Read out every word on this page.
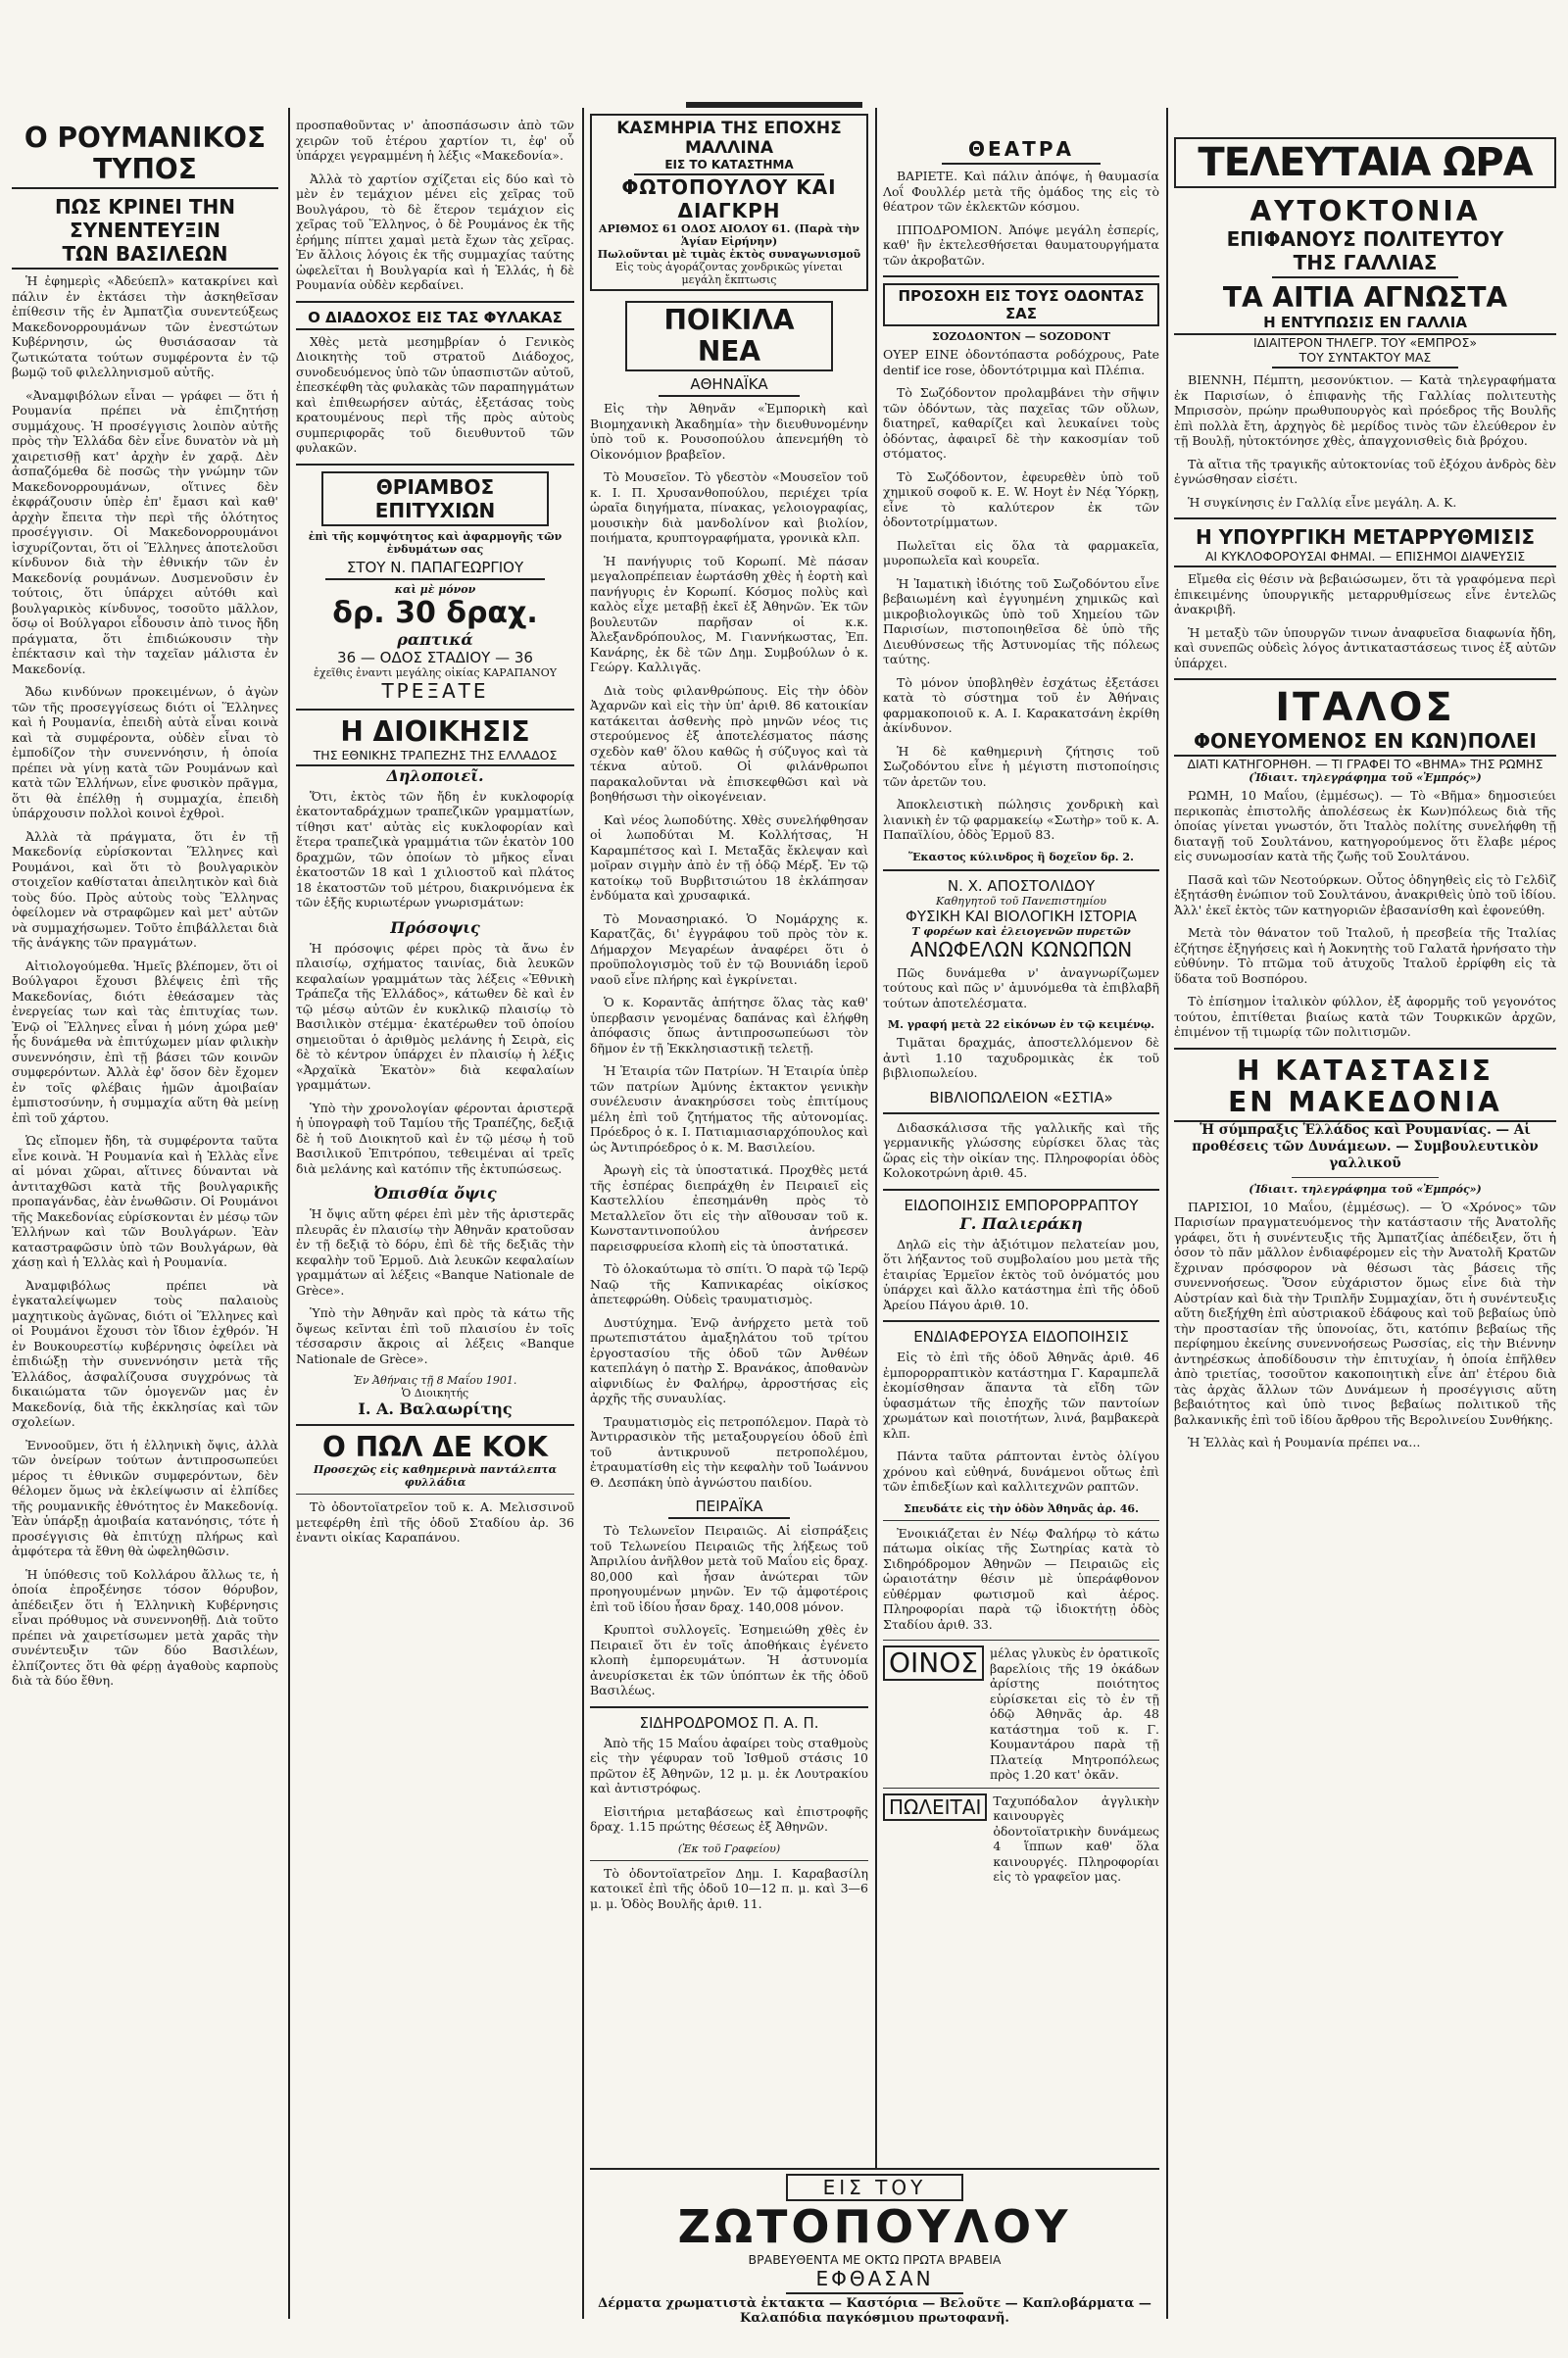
Ο ΡΟΥΜΑΝΙΚΟΣ ΤΥΠΟΣ
ΠΩΣ ΚΡΙΝΕΙ ΤΗΝ ΣΥΝΕΝΤΕΥΞΙΝ
ΤΩΝ ΒΑΣΙΛΕΩΝ

Ἡ ἐφημερὶς «Ἀδεύεπλ» κατακρίνει καὶ πάλιν ἐν ἐκτάσει τὴν ἀσκηθεῖσαν ἐπίθεσιν τῆς ἐν Ἀμπατζὶα συνεντεύξεως Μακεδονορρουμάνων τῶν ἐνεστώτων Κυβέρνησιν, ὡς θυσιάσασαν τὰ ζωτικώτατα τούτων συμφέροντα ἐν τῷ βωμῷ τοῦ φιλελληνισμοῦ αὐτῆς.

«Ἀναμφιβόλων εἶναι — γράφει — ὅτι ἡ Ρουμανία πρέπει νὰ ἐπιζητήσῃ συμμάχους. Ἡ προσέγγισις λοιπὸν αὐτῆς πρὸς τὴν Ἑλλάδα δὲν εἶνε δυνατὸν νὰ μὴ χαιρετισθῇ κατ' ἀρχὴν ἐν χαρᾷ. Δὲν ἀσπαζόμεθα δὲ ποσῶς τὴν γνώμην τῶν Μακεδονορρουμάνων, οἵτινες δὲν ἐκφράζουσιν ὑπὲρ ἐπ' ἔμασι καὶ καθ' ἀρχὴν ἔπειτα τὴν περὶ τῆς ὁλότητος προσέγγισιν. Οἱ Μακεδονορρουμάνοι ἰσχυρίζονται, ὅτι οἱ Ἕλληνες ἀποτελοῦσι κίνδυνον διὰ τὴν ἐθνικήν τῶν ἐν Μακεδονίᾳ ρουμάνων. Δυσμενοῦσιν ἐν τούτοις, ὅτι ὑπάρχει αὐτόθι καὶ βουλγαρικὸς κίνδυνος, τοσοῦτο μᾶλλον, ὅσῳ οἱ Βούλγαροι εἶδουσιν ἀπὸ τινος ἤδη πράγματα, ὅτι ἐπιδιώκουσιν τὴν ἐπέκτασιν καὶ τὴν ταχεῖαν μάλιστα ἐν Μακεδονίᾳ.

Ἄδω κινδύνων προκειμένων, ὁ ἀγὼν τῶν τῆς προσεγγίσεως διότι οἱ Ἕλληνες καὶ ἡ Ρουμανία, ἐπειδὴ αὐτὰ εἶναι κοινὰ καὶ τὰ συμφέροντα, οὐδὲν εἶναι τὸ ἐμποδίζον τὴν συνεννόησιν, ἡ ὁποία πρέπει νὰ γίνῃ κατὰ τῶν Ρουμάνων καὶ κατὰ τῶν Ἑλλήνων, εἶνε φυσικὸν πρᾶγμα, ὅτι θὰ ἐπέλθῃ ἡ συμμαχία, ἐπειδὴ ὑπάρχουσιν πολλοὶ κοινοὶ ἐχθροὶ.

Ἀλλὰ τὰ πράγματα, ὅτι ἐν τῇ Μακεδονίᾳ εὐρίσκονται Ἕλληνες καὶ Ρουμάνοι, καὶ ὅτι τὸ βουλγαρικὸν στοιχεῖον καθίσταται ἀπειλητικὸν καὶ διὰ τοὺς δύο. Πρὸς αὐτοὺς τοὺς Ἕλληνας ὀφείλομεν νὰ στραφῶμεν καὶ μετ' αὐτῶν νὰ συμμαχήσωμεν. Τοῦτο ἐπιβάλλεται διὰ τῆς ἀνάγκης τῶν πραγμάτων.

Αἰτιολογούμεθα. Ἡμεῖς βλέπομεν, ὅτι οἱ Βούλγαροι ἔχουσι βλέψεις ἐπὶ τῆς Μακεδονίας, διότι ἐθεάσαμεν τὰς ἐνεργείας των καὶ τὰς ἐπιτυχίας των. Ἐνῷ οἱ Ἕλληνες εἶναι ἡ μόνη χώρα μεθ' ἧς δυνάμεθα νὰ ἐπιτύχωμεν μίαν φιλικὴν συνεννόησιν, ἐπὶ τῇ βάσει τῶν κοινῶν συμφερόντων. Ἀλλὰ ἐφ' ὅσον δὲν ἔχομεν ἐν τοῖς φλέβαις ἡμῶν ἀμοιβαίαν ἐμπιστοσύνην, ἡ συμμαχία αὕτη θὰ μείνῃ ἐπὶ τοῦ χάρτου.

Ὡς εἴπομεν ἤδη, τὰ συμφέροντα ταῦτα εἶνε κοινὰ. Ἡ Ρουμανία καὶ ἡ Ἑλλὰς εἶνε αἱ μόναι χῶραι, αἵτινες δύνανται νὰ ἀντιταχθῶσι κατὰ τῆς βουλγαρικῆς προπαγάνδας, ἐὰν ἑνωθῶσιν. Οἱ Ρουμάνοι τῆς Μακεδονίας εὑρίσκονται ἐν μέσῳ τῶν Ἑλλήνων καὶ τῶν Βουλγάρων. Ἐὰν καταστραφῶσιν ὑπὸ τῶν Βουλγάρων, θὰ χάσῃ καὶ ἡ Ἑλλὰς καὶ ἡ Ρουμανία.

Ἀναμφιβόλως πρέπει νὰ ἐγκαταλείψωμεν τοὺς παλαιοὺς μαχητικοὺς ἀγῶνας, διότι οἱ Ἕλληνες καὶ οἱ Ρουμάνοι ἔχουσι τὸν ἴδιον ἐχθρόν. Ἡ ἐν Βουκουρεστίῳ κυβέρνησις ὀφείλει νὰ ἐπιδιώξῃ τὴν συνεννόησιν μετὰ τῆς Ἑλλάδος, ἀσφαλίζουσα συγχρόνως τὰ δικαιώματα τῶν ὁμογενῶν μας ἐν Μακεδονίᾳ, διὰ τῆς ἐκκλησίας καὶ τῶν σχολείων.

Ἐννοοῦμεν, ὅτι ἡ ἐλληνικὴ ὄψις, ἀλλὰ τῶν ὀνείρων τούτων ἀντιπροσωπεύει μέρος τι ἐθνικῶν συμφερόντων, δὲν θέλομεν ὅμως νὰ ἐκλείψωσιν αἱ ἐλπίδες τῆς ρουμανικῆς ἐθνότητος ἐν Μακεδονίᾳ. Ἐὰν ὑπάρξῃ ἀμοιβαία κατανόησις, τότε ἡ προσέγγισις θὰ ἐπιτύχῃ πλήρως καὶ ἀμφότερα τὰ ἔθνη θὰ ὠφεληθῶσιν.

Ἡ ὑπόθεσις τοῦ Κολλάρου ἄλλως τε, ἡ ὁποία ἐπροξένησε τόσον θόρυβον, ἀπέδειξεν ὅτι ἡ Ἑλληνικὴ Κυβέρνησις εἶναι πρόθυμος νὰ συνεννοηθῇ. Διὰ τοῦτο πρέπει νὰ χαιρετίσωμεν μετὰ χαρᾶς τὴν συνέντευξιν τῶν δύο Βασιλέων, ἐλπίζοντες ὅτι θὰ φέρῃ ἀγαθοὺς καρποὺς διὰ τὰ δύο ἔθνη.

προσπαθοῦντας ν' ἀποσπάσωσιν ἀπὸ τῶν χειρῶν τοῦ ἑτέρου χαρτίον τι, ἐφ' οὗ ὑπάρχει γεγραμμένη ἡ λέξις «Μακεδονία».

Ἀλλὰ τὸ χαρτίον σχίζεται εἰς δύο καὶ τὸ μὲν ἐν τεμάχιον μένει εἰς χεῖρας τοῦ Βουλγάρου, τὸ δὲ ἕτερον τεμάχιον εἰς χεῖρας τοῦ Ἕλληνος, ὁ δὲ Ρουμάνος ἐκ τῆς ἐρήμης πίπτει χαμαὶ μετὰ ἔχων τὰς χεῖρας. Ἐν ἄλλοις λόγοις ἐκ τῆς συμμαχίας ταύτης ὠφελεῖται ἡ Βουλγαρία καὶ ἡ Ἑλλάς, ἡ δὲ Ρουμανία οὐδὲν κερδαίνει.

Ο ΔΙΑΔΟΧΟΣ ΕΙΣ ΤΑΣ ΦΥΛΑΚΑΣ

Χθὲς μετὰ μεσημβρίαν ὁ Γενικὸς Διοικητὴς τοῦ στρατοῦ Διάδοχος, συνοδευόμενος ὑπὸ τῶν ὑπασπιστῶν αὐτοῦ, ἐπεσκέφθη τὰς φυλακὰς τῶν παραπηγμάτων καὶ ἐπιθεωρήσεν αὐτάς, ἐξετάσας τοὺς κρατουμένους περὶ τῆς πρὸς αὐτοὺς συμπεριφορᾶς τοῦ διευθυντοῦ τῶν φυλακῶν.

ΘΡΙΑΜΒΟΣ ΕΠΙΤΥΧΙΩΝ
ἐπὶ τῆς κομψότητος καὶ ἀφαρμογῆς τῶν ἐνδυμάτων σας
ΣΤΟΥ Ν. ΠΑΠΑΓΕΩΡΓΙΟΥ
καὶ μὲ μόνον
δρ. 30 δραχ.
ραπτικά
36 — ΟΔΟΣ ΣΤΑΔΙΟΥ — 36
ἐχεῖθις ἐναντι μεγάλης οἰκίας ΚΑΡΑΠΑΝΟΥ
ΤΡΕΞΑΤΕ
Η ΔΙΟΙΚΗΣΙΣ
ΤΗΣ ΕΘΝΙΚΗΣ ΤΡΑΠΕΖΗΣ ΤΗΣ ΕΛΛΑΔΟΣ
Δηλοποιεῖ.

Ὅτι, ἐκτὸς τῶν ἤδη ἐν κυκλοφορίᾳ ἑκατονταδράχμων τραπεζικῶν γραμματίων, τίθησι κατ' αὐτὰς εἰς κυκλοφορίαν καὶ ἕτερα τραπεζικὰ γραμμάτια τῶν ἑκατὸν 100 δραχμῶν, τῶν ὁποίων τὸ μῆκος εἶναι ἑκατοστῶν 18 καὶ 1 χιλιοστοῦ καὶ πλάτος 18 ἑκατοστῶν τοῦ μέτρου, διακρινόμενα ἐκ τῶν ἑξῆς κυριωτέρων γνωρισμάτων:

Πρόσοψις

Ἡ πρόσοψις φέρει πρὸς τὰ ἄνω ἐν πλαισίῳ, σχήματος ταινίας, διὰ λευκῶν κεφαλαίων γραμμάτων τὰς λέξεις «Ἐθνικὴ Τράπεζα τῆς Ἑλλάδος», κάτωθεν δὲ καὶ ἐν τῷ μέσῳ αὐτῶν ἐν κυκλικῷ πλαισίῳ τὸ Βασιλικὸν στέμμα· ἑκατέρωθεν τοῦ ὁποίου σημειοῦται ὁ ἀριθμὸς μελάνης ἡ Σειρὰ, εἰς δὲ τὸ κέντρον ὑπάρχει ἐν πλαισίῳ ἡ λέξις «Ἀρχαϊκὰ Ἑκατὸν» διὰ κεφαλαίων γραμμάτων.

Ὑπὸ τὴν χρονολογίαν φέρονται ἀριστερᾷ ἡ ὑπογραφὴ τοῦ Ταμίου τῆς Τραπέζης, δεξιᾷ δὲ ἡ τοῦ Διοικητοῦ καὶ ἐν τῷ μέσῳ ἡ τοῦ Βασιλικοῦ Ἐπιτρόπου, τεθειμέναι αἱ τρεῖς διὰ μελάνης καὶ κατόπιν τῆς ἐκτυπώσεως.

Ὀπισθία ὄψις

Ἡ ὄψις αὕτη φέρει ἐπὶ μὲν τῆς ἀριστερᾶς πλευρᾶς ἐν πλαισίῳ τὴν Ἀθηνᾶν κρατοῦσαν ἐν τῇ δεξιᾷ τὸ δόρυ, ἐπὶ δὲ τῆς δεξιᾶς τὴν κεφαλὴν τοῦ Ἑρμοῦ. Διὰ λευκῶν κεφαλαίων γραμμάτων αἱ λέξεις «Banque Nationale de Grèce».

Ὑπὸ τὴν Ἀθηνᾶν καὶ πρὸς τὰ κάτω τῆς ὄψεως κεῖνται ἐπὶ τοῦ πλαισίου ἐν τοῖς τέσσαρσιν ἄκροις αἱ λέξεις «Banque Nationale de Grèce».

Ἐν Ἀθήναις τῇ 8 Μαΐου 1901.
Ὁ Διοικητής
Ι. Α. Βαλαωρίτης
Ο ΠΩΛ ΔΕ ΚΟΚ
Προσεχῶς εἰς καθημερινὰ παντάλεπτα φυλλάδια

Τὸ ὀδοντοϊατρεῖον τοῦ κ. Α. Μελισσινοῦ μετεφέρθη ἐπὶ τῆς ὁδοῦ Σταδίου ἀρ. 36 ἐναντι οἰκίας Καραπάνου.

ΚΑΣΜΗΡΙΑ ΤΗΣ ΕΠΟΧΗΣ ΜΑΛΛΙΝΑ
ΕΙΣ ΤΟ ΚΑΤΑΣΤΗΜΑ
ΦΩΤΟΠΟΥΛΟΥ ΚΑΙ ΔΙΑΓΚΡΗ
ΑΡΙΘΜΟΣ 61 ΟΔΟΣ ΑΙΟΛΟΥ 61. (Παρὰ τὴν Ἁγίαν Εἰρήνην)
Πωλοῦνται μὲ τιμὰς ἐκτὸς συναγωνισμοῦ
Εἰς τοὺς ἀγοράζοντας χονδρικῶς γίνεται μεγάλη ἔκπτωσις
ΠΟΙΚΙΛΑ ΝΕΑ
ΑΘΗΝΑΪΚΑ

Εἰς τὴν Ἀθηνᾶν «Ἐμπορικὴ καὶ Βιομηχανικὴ Ἀκαδημία» τὴν διευθυνομένην ὑπὸ τοῦ κ. Ρουσοπούλου ἀπενεμήθη τὸ Οἰκονόμιον βραβεῖον.

Τὸ Μουσεῖον. Τὸ γδεστὸν «Μουσεῖον τοῦ κ. Ι. Π. Χρυσανθοπούλου, περιέχει τρία ὡραῖα διηγήματα, πίνακας, γελοιογραφίας, μουσικὴν διὰ μανδολίνον καὶ βιολίον, ποιήματα, κρυπτογραφήματα, γρονικὰ κλπ.

Ἡ πανήγυρις τοῦ Κορωπί. Μὲ πάσαν μεγαλοπρέπειαν ἑωρτάσθη χθὲς ἡ ἑορτὴ καὶ πανήγυρις ἐν Κορωπί. Κόσμος πολὺς καὶ καλὸς εἶχε μεταβῇ ἐκεῖ ἐξ Ἀθηνῶν. Ἐκ τῶν βουλευτῶν παρῆσαν οἱ κ.κ. Ἀλεξανδρόπουλος, Μ. Γιαννήκωστας, Ἐπ. Κανάρης, ἐκ δὲ τῶν Δημ. Συμβούλων ὁ κ. Γεώργ. Καλλιγᾶς.

Διὰ τοὺς φιλανθρώπους. Εἰς τὴν ὁδὸν Ἀχαρνῶν καὶ εἰς τὴν ὑπ' ἀριθ. 86 κατοικίαν κατάκειται ἀσθενὴς πρὸ μηνῶν νέος τις στερούμενος ἐξ ἀποτελέσματος πάσης σχεδὸν καθ' ὅλου καθῶς ἡ σύζυγος καὶ τὰ τέκνα αὐτοῦ. Οἱ φιλάνθρωποι παρακαλοῦνται νὰ ἐπισκεφθῶσι καὶ νὰ βοηθήσωσι τὴν οἰκογένειαν.

Καὶ νέος λωποδύτης. Χθὲς συνελήφθησαν οἱ λωποδύται Μ. Κολλήτσας, Ἡ Καραμπέτσος καὶ Ι. Μεταξᾶς ἔκλεψαν καὶ μοῖραν σιγμὴν ἀπὸ ἐν τῇ ὁδῷ Μέρξ. Ἐν τῷ κατοίκῳ τοῦ Βυρβιτσιώτου 18 ἐκλάπησαν ἐνδύματα καὶ χρυσαφικά.

Τὸ Μονασηριακό. Ὁ Νομάρχης κ. Καρατζᾶς, δι' ἐγγράφου τοῦ πρὸς τὸν κ. Δήμαρχον Μεγαρέων ἀναφέρει ὅτι ὁ προϋπολογισμὸς τοῦ ἐν τῷ Βουνιάδη ἱεροῦ ναοῦ εἶνε πλήρης καὶ ἐγκρίνεται.

Ὁ κ. Κοραντᾶς ἀπήτησε ὅλας τὰς καθ' ὑπερβασιν γενομένας δαπάνας καὶ ἐλήφθη ἀπόφασις ὅπως ἀντιπροσωπεύωσι τὸν δῆμον ἐν τῇ Ἐκκλησιαστικῇ τελετῇ.

Ἡ Ἑταιρία τῶν Πατρίων. Ἡ Ἑταιρία ὑπὲρ τῶν πατρίων Ἀμύνης ἐκτακτον γενικὴν συνέλευσιν ἀνακηρύσσει τοὺς ἐπιτίμους μέλη ἐπὶ τοῦ ζητήματος τῆς αὐτονομίας. Πρόεδρος ὁ κ. Ι. Πατιαμιασιαρχόπουλος καὶ ὡς Ἀντιπρόεδρος ὁ κ. Μ. Βασιλείου.

Ἀρωγὴ εἰς τὰ ὑποστατικά. Προχθὲς μετά τῆς ἐσπέρας διεπράχθη ἐν Πειραιεῖ εἰς Καστελλίου ἐπεσημάνθη πρὸς τὸ Μεταλλεῖον ὅτι εἰς τὴν αἴθουσαν τοῦ κ. Κωνσταντινοπούλου ἀνήρεσεν παρεισφρυείσα κλοπὴ εἰς τὰ ὑποστατικά.

Τὸ ὁλοκαύτωμα τὸ σπίτι. Ὁ παρὰ τῷ Ἱερῷ Ναῷ τῆς Καπνικαρέας οἰκίσκος ἀπετεφρώθη. Οὐδεὶς τραυματισμὸς.

Δυστύχημα. Ἐνῷ ἀνήρχετο μετὰ τοῦ πρωτεπιστάτου ἀμαξηλάτου τοῦ τρίτου ἐργοστασίου τῆς ὁδοῦ τῶν Ἀνθέων κατεπλάγη ὁ πατὴρ Σ. Βρανάκος, ἀποθανὼν αἰφνιδίως ἐν Φαλήρῳ, ἀρροστήσας εἰς ἀρχῆς τῆς συναυλίας.

Τραυματισμὸς εἰς πετροπόλεμον. Παρὰ τὸ Ἀντιρρασικὸν τῆς μεταξουργείου ὁδοῦ ἐπὶ τοῦ ἀντικρυνοῦ πετροπολέμου, ἐτραυματίσθη εἰς τὴν κεφαλὴν τοῦ Ἰωάννου Θ. Δεσπάκη ὑπὸ ἀγνώστου παιδίου.

ΠΕΙΡΑΪΚΑ

Τὸ Τελωνεῖον Πειραιῶς. Αἱ εἰσπράξεις τοῦ Τελωνείου Πειραιῶς τῆς λήξεως τοῦ Ἀπριλίου ἀνῆλθον μετὰ τοῦ Μαΐου εἰς δραχ. 80,000 καὶ ἦσαν ἀνώτεραι τῶν προηγουμένων μηνῶν. Ἐν τῷ ἀμφοτέροις ἐπὶ τοῦ ἰδίου ἦσαν δραχ. 140,008 μόνον.

Κρυπτοὶ συλλογεῖς. Ἐσημειώθη χθὲς ἐν Πειραιεῖ ὅτι ἐν τοῖς ἀποθήκαις ἐγένετο κλοπὴ ἐμπορευμάτων. Ἡ ἀστυνομία ἀνευρίσκεται ἐκ τῶν ὑπόπτων ἐκ τῆς ὁδοῦ Βασιλέως.

ΣΙΔΗΡΟΔΡΟΜΟΣ Π. Α. Π.

Ἀπὸ τῆς 15 Μαΐου ἀφαίρει τοὺς σταθμοὺς εἰς τὴν γέφυραν τοῦ Ἰσθμοῦ στάσις 10 πρῶτον ἐξ Ἀθηνῶν, 12 μ. μ. ἐκ Λουτρακίου καὶ ἀντιστρόφως.

Εἰσιτήρια μεταβάσεως καὶ ἐπιστροφῆς δραχ. 1.15 πρώτης θέσεως ἐξ Ἀθηνῶν.

(Ἐκ τοῦ Γραφείου)

Τὸ ὀδοντοϊατρεῖον Δημ. Ι. Καραβασίλη κατοικεῖ ἐπὶ τῆς ὁδοῦ 10—12 π. μ. καὶ 3—6 μ. μ. Ὁδὸς Βουλῆς ἀριθ. 11.

ΘΕΑΤΡΑ

ΒΑΡΙΕΤΕ. Καὶ πάλιν ἀπόψε, ἡ θαυμασία Λοΐ Φουλλέρ μετὰ τῆς ὁμάδος της εἰς τὸ θέατρον τῶν ἐκλεκτῶν κόσμου.

ΙΠΠΟΔΡΟΜΙΟΝ. Ἀπόψε μεγάλη ἐσπερίς, καθ' ἣν ἐκτελεσθήσεται θαυματουργήματα τῶν ἀκροβατῶν.

ΠΡΟΣΟΧΗ ΕΙΣ ΤΟΥΣ ΟΔΟΝΤΑΣ ΣΑΣ
ΣΟΖΟΔΟΝΤΟΝ — SOZODONT

ΟΥΕΡ ΕΙΝΕ ὀδοντόπαστα ροδόχρους, Pate dentif ice rose, ὀδοντότριμμα καὶ Πλέπια.

Τὸ Σωζόδοντον προλαμβάνει τὴν σῆψιν τῶν ὀδόντων, τὰς παχεῖας τῶν οὔλων, διατηρεῖ, καθαρίζει καὶ λευκαίνει τοὺς ὀδόντας, ἀφαιρεῖ δὲ τὴν κακοσμίαν τοῦ στόματος.

Τὸ Σωζόδοντον, ἐφευρεθὲν ὑπὸ τοῦ χημικοῦ σοφοῦ κ. Ε. W. Hoyt ἐν Νέᾳ Ὑόρκῃ, εἶνε τὸ καλύτερον ἐκ τῶν ὀδοντοτρίμματων.

Πωλεῖται εἰς ὅλα τὰ φαρμακεῖα, μυροπωλεῖα καὶ κουρεῖα.

Ἡ Ἰαματικὴ ἰδιότης τοῦ Σωζοδόντου εἶνε βεβαιωμένη καὶ ἐγγυημένη χημικῶς καὶ μικροβιολογικῶς ὑπὸ τοῦ Χημείου τῶν Παρισίων, πιστοποιηθεῖσα δὲ ὑπὸ τῆς Διευθύνσεως τῆς Ἀστυνομίας τῆς πόλεως ταύτης.

Τὸ μόνον ὑποβληθὲν ἐσχάτως ἐξετάσει κατὰ τὸ σύστημα τοῦ ἐν Ἀθήναις φαρμακοποιοῦ κ. Α. Ι. Καρακατσάνη ἐκρίθη ἀκίνδυνον.

Ἡ δὲ καθημερινὴ ζήτησις τοῦ Σωζοδόντου εἶνε ἡ μέγιστη πιστοποίησις τῶν ἀρετῶν του.

Ἀποκλειστικὴ πώλησις χονδρικὴ καὶ λιανικὴ ἐν τῷ φαρμακείῳ «Σωτὴρ» τοῦ κ. Α. Παπαϊλίου, ὁδὸς Ἑρμοῦ 83.

Ἕκαστος κύλινδρος ἢ δοχεῖον δρ. 2.
Ν. Χ. ΑΠΟΣΤΟΛΙΔΟΥ
Καθηγητοῦ τοῦ Πανεπιστημίου
ΦΥΣΙΚΗ ΚΑΙ ΒΙΟΛΟΓΙΚΗ ΙΣΤΟΡΙΑ
Τ φορέων καὶ ἐλειογενῶν πυρετῶν
ΑΝΩΦΕΛΩΝ ΚΩΝΩΠΩΝ

Πῶς δυνάμεθα ν' ἀναγνωρίζωμεν τούτους καὶ πῶς ν' ἀμυνόμεθα τὰ ἐπιβλαβῆ τούτων ἀποτελέσματα.

Μ. γραφή μετὰ 22 εἰκόνων ἐν τῷ κειμένῳ.

Τιμᾶται δραχμάς, ἀποστελλόμενον δὲ ἀντὶ 1.10 ταχυδρομικὰς ἐκ τοῦ βιβλιοπωλείου.

ΒΙΒΛΙΟΠΩΛΕΙΟΝ «ΕΣΤΙΑ»

Διδασκάλισσα τῆς γαλλικῆς καὶ τῆς γερμανικῆς γλώσσης εὑρίσκει ὅλας τὰς ὥρας εἰς τὴν οἰκίαν της. Πληροφορίαι ὁδὸς Κολοκοτρώνη ἀριθ. 45.

ΕΙΔΟΠΟΙΗΣΙΣ ΕΜΠΟΡΟΡΡΑΠΤΟΥ
Γ. Παλιεράκη

Δηλῶ εἰς τὴν ἀξιότιμον πελατείαν μου, ὅτι λήξαντος τοῦ συμβολαίου μου μετὰ τῆς ἑταιρίας Ἐρμεῖον ἐκτὸς τοῦ ὀνόματός μου ὑπάρχει καὶ ἄλλο κατάστημα ἐπὶ τῆς ὁδοῦ Ἀρείου Πάγου ἀριθ. 10.

ΕΝΔΙΑΦΕΡΟΥΣΑ ΕΙΔΟΠΟΙΗΣΙΣ

Εἰς τὸ ἐπὶ τῆς ὁδοῦ Ἀθηνᾶς ἀριθ. 46 ἐμπορορραπτικὸν κατάστημα Γ. Καραμπελᾶ ἐκομίσθησαν ἅπαντα τὰ εἴδη τῶν ὑφασμάτων τῆς ἐποχῆς τῶν παντοίων χρωμάτων καὶ ποιοτήτων, λινά, βαμβακερὰ κλπ.

Πάντα ταῦτα ράπτονται ἐντὸς ὀλίγου χρόνου καὶ εὐθηνά, δυνάμενοι οὕτως ἐπὶ τῶν ἐπιδεξίων καὶ καλλιτεχνῶν ραπτῶν.

Σπευδάτε εἰς τὴν ὁδὸν Ἀθηνᾶς ἀρ. 46.

Ἐνοικιάζεται ἐν Νέῳ Φαλήρῳ τὸ κάτω πάτωμα οἰκίας τῆς Σωτηρίας κατὰ τὸ Σιδηρόδρομον Ἀθηνῶν — Πειραιῶς εἰς ὡραιοτάτην θέσιν μὲ ὑπεράφθονον εὐθέρμαν φωτισμοῦ καὶ ἀέρος. Πληροφορίαι παρὰ τῷ ἰδιοκτήτῃ ὁδὸς Σταδίου ἀριθ. 33.

ΟΙΝΟΣ μέλας γλυκὺς ἐν ὁρατικοῖς βαρελίοις τῆς 19 ὀκάδων ἀρίστης ποιότητος εὑρίσκεται εἰς τὸ ἐν τῇ ὁδῷ Ἀθηνᾶς ἀρ. 48 κατάστημα τοῦ κ. Γ. Κουμαντάρου παρὰ τῇ Πλατείᾳ Μητροπόλεως πρὸς 1.20 κατ' ὀκᾶν.

ΠΩΛΕΙΤΑΙ Ταχυπόδαλον ἀγγλικὴν καινουργὲς ὀδοντοϊατρικὴν δυνάμεως 4 ἵππων καθ' ὅλα καινουργές. Πληροφορίαι εἰς τὸ γραφεῖον μας.

ΤΕΛΕΥΤΑΙΑ ΩΡΑ
ΑΥΤΟΚΤΟΝΙΑ
ΕΠΙΦΑΝΟΥΣ ΠΟΛΙΤΕΥΤΟΥ
ΤΗΣ ΓΑΛΛΙΑΣ
ΤΑ ΑΙΤΙΑ ΑΓΝΩΣΤΑ
Η ΕΝΤΥΠΩΣΙΣ ΕΝ ΓΑΛΛΙΑ
ΙΔΙΑΙΤΕΡΟΝ ΤΗΛΕΓΡ. ΤΟΥ «ΕΜΠΡΟΣ»
ΤΟΥ ΣΥΝΤΑΚΤΟΥ ΜΑΣ

ΒΙΕΝΝΗ, Πέμπτη, μεσονύκτιον. — Κατὰ τηλεγραφήματα ἐκ Παρισίων, ὁ ἐπιφανὴς τῆς Γαλλίας πολιτευτὴς Μπρισσὸν, πρώην πρωθυπουργὸς καὶ πρόεδρος τῆς Βουλῆς ἐπὶ πολλὰ ἔτη, ἀρχηγὸς δὲ μερίδος τινὸς τῶν ἐλεύθερον ἐν τῇ Βουλῇ, ηὐτοκτόνησε χθὲς, ἀπαγχονισθεὶς διὰ βρόχου.

Τὰ αἴτια τῆς τραγικῆς αὐτοκτονίας τοῦ ἐξόχου ἀνδρὸς δὲν ἐγνώσθησαν εἰσέτι.

Ἡ συγκίνησις ἐν Γαλλίᾳ εἶνε μεγάλη. Α. Κ.

Η ΥΠΟΥΡΓΙΚΗ ΜΕΤΑΡΡΥΘΜΙΣΙΣ
ΑΙ ΚΥΚΛΟΦΟΡΟΥΣΑΙ ΦΗΜΑΙ. — ΕΠΙΣΗΜΟΙ ΔΙΑΨΕΥΣΙΣ

Εἴμεθα εἰς θέσιν νὰ βεβαιώσωμεν, ὅτι τὰ γραφόμενα περὶ ἐπικειμένης ὑπουργικῆς μεταρρυθμίσεως εἶνε ἐντελῶς ἀνακριβῆ.

Ἡ μεταξὺ τῶν ὑπουργῶν τινων ἀναφυεῖσα διαφωνία ἤδη, καὶ συνεπῶς οὐδεὶς λόγος ἀντικαταστάσεως τινος ἐξ αὐτῶν ὑπάρχει.

ΙΤΑΛΟΣ
ΦΟΝΕΥΟΜΕΝΟΣ ΕΝ ΚΩΝ)ΠΟΛΕΙ
ΔΙΑΤΙ ΚΑΤΗΓΟΡΗΘΗ. — ΤΙ ΓΡΑΦΕΙ ΤΟ «ΒΗΜΑ» ΤΗΣ ΡΩΜΗΣ
(Ἰδιαιτ. τηλεγράφημα τοῦ «Ἐμπρός»)

ΡΩΜΗ, 10 Μαΐου, (ἐμμέσως). — Τὸ «Βῆμα» δημοσιεύει περικοπὰς ἐπιστολῆς ἀπολέσεως ἐκ Κων)πόλεως διὰ τῆς ὁποίας γίνεται γνωστόν, ὅτι Ἰταλὸς πολίτης συνελήφθη τῇ διαταγῇ τοῦ Σουλτάνου, κατηγορούμενος ὅτι ἔλαβε μέρος εἰς συνωμοσίαν κατὰ τῆς ζωῆς τοῦ Σουλτάνου.

Πασᾶ καὶ τῶν Νεοτούρκων. Οὗτος ὁδηγηθεὶς εἰς τὸ Γελδὶζ ἐξητάσθη ἐνώπιον τοῦ Σουλτάνου, ἀνακριθεὶς ὑπὸ τοῦ ἰδίου. Ἀλλ' ἐκεῖ ἐκτὸς τῶν κατηγοριῶν ἐβασανίσθη καὶ ἐφονεύθη.

Μετὰ τὸν θάνατον τοῦ Ἰταλοῦ, ἡ πρεσβεία τῆς Ἰταλίας ἐζήτησε ἐξηγήσεις καὶ ἡ Ἀοκνητὴς τοῦ Γαλατᾶ ἠρνήσατο τὴν εὐθύνην. Τὸ πτῶμα τοῦ ἀτυχοῦς Ἰταλοῦ ἐρρίφθη εἰς τὰ ὕδατα τοῦ Βοσπόρου.

Τὸ ἐπίσημον ἰταλικὸν φύλλον, ἐξ ἀφορμῆς τοῦ γεγονότος τούτου, ἐπιτίθεται βιαίως κατὰ τῶν Τουρκικῶν ἀρχῶν, ἐπιμένον τῇ τιμωρίᾳ τῶν πολιτισμῶν.

Η ΚΑΤΑΣΤΑΣΙΣ
ΕΝ ΜΑΚΕΔΟΝΙΑ
Ἡ σύμπραξις Ἑλλάδος καὶ Ρουμανίας. — Αἱ προθέσεις τῶν Δυνάμεων. — Συμβουλευτικὸν γαλλικοῦ
(Ἰδιαιτ. τηλεγράφημα τοῦ «Ἐμπρός»)

ΠΑΡΙΣΙΟΙ, 10 Μαΐου, (ἐμμέσως). — Ὁ «Χρόνος» τῶν Παρισίων πραγματευόμενος τὴν κατάστασιν τῆς Ἀνατολῆς γράφει, ὅτι ἡ συνέντευξις τῆς Ἀμπατζίας ἀπέδειξεν, ὅτι ἡ ὁσον τὸ πᾶν μᾶλλον ἐνδιαφέρομεν εἰς τὴν Ἀνατολῆ Κρατῶν ἔχριναν πρόσφορον νὰ θέσωσι τὰς βάσεις τῆς συνεννοήσεως. Ὅσον εὐχάριστον ὅμως εἶνε διὰ τὴν Αὐστρίαν καὶ διὰ τὴν Τριπλῆν Συμμαχίαν, ὅτι ἡ συνέντευξις αὕτη διεξήχθη ἐπὶ αὐστριακοῦ ἐδάφους καὶ τοῦ βεβαίως ὑπὸ τὴν προστασίαν τῆς ὑπονοίας, ὅτι, κατόπιν βεβαίως τῆς περίφημου ἐκείνης συνεννοήσεως Ρωσσίας, εἰς τὴν Βιέννην ἀντηρέσκως ἀποδίδουσιν τὴν ἐπιτυχίαν, ἡ ὁποία ἐπῆλθεν ἀπὸ τριετίας, τοσοῦτον κακοποιητικὴ εἶνε ἀπ' ἑτέρου διὰ τὰς ἀρχὰς ἄλλων τῶν Δυνάμεων ἡ προσέγγισις αὕτη βεβαιότητος καὶ ὑπὸ τινος βεβαίως πολιτικοῦ τῆς βαλκανικῆς ἐπὶ τοῦ ἰδίου ἄρθρου τῆς Βερολινείου Συνθήκης.

Ἡ Ἑλλὰς καὶ ἡ Ρουμανία πρέπει να...

ΕΙΣ ΤΟΥ
ΖΩΤΟΠΟΥΛΟΥ
ΒΡΑΒΕΥΘΕΝΤΑ ΜΕ ΟΚΤΩ ΠΡΩΤΑ ΒΡΑΒΕΙΑ
ΕΦΘΑΣΑΝ
Δέρματα χρωματιστὰ ἐκτακτα — Καστόρια — Βελοῦτε — Καπλοβάρματα — Καλαπόδια παγκόσμιου πρωτοφανῆ.
